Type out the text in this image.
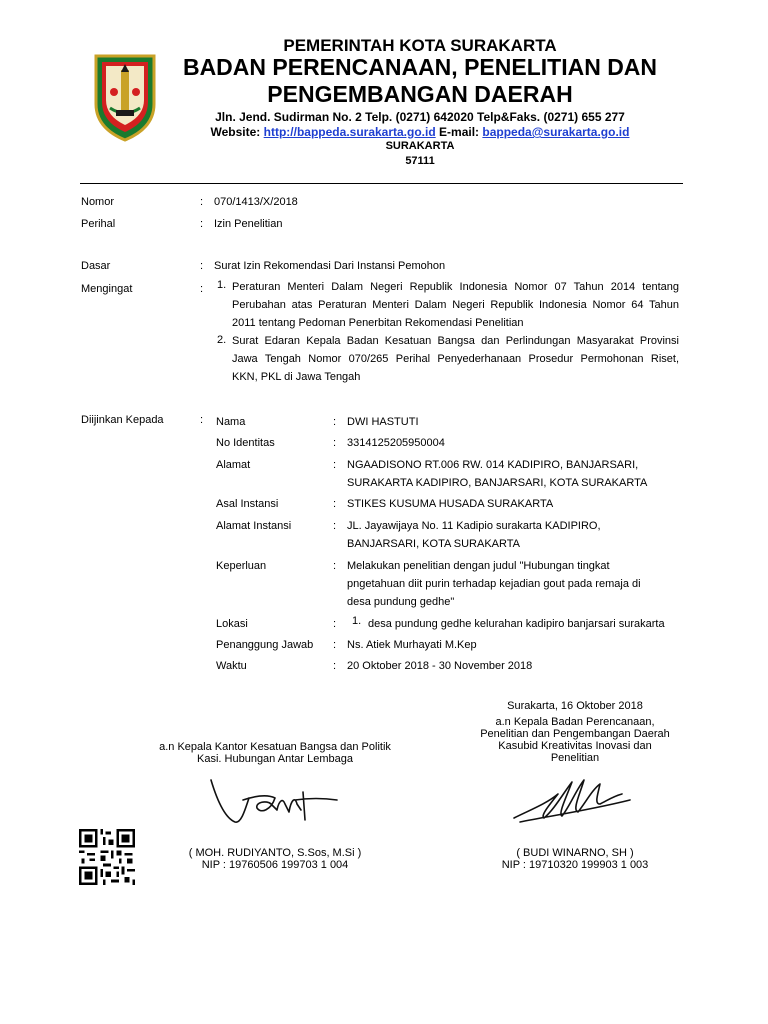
PEMERINTAH KOTA SURAKARTA
BADAN PERENCANAAN, PENELITIAN DAN
PENGEMBANGAN DAERAH
Jln. Jend. Sudirman No. 2 Telp. (0271) 642020 Telp&Faks. (0271) 655 277
Website: http://bappeda.surakarta.go.id E-mail: bappeda@surakarta.go.id
SURAKARTA
57111
Nomor	: 070/1413/X/2018
Perihal	: Izin Penelitian
Dasar	: Surat Izin Rekomendasi Dari Instansi Pemohon
Mengingat	: 1. Peraturan Menteri Dalam Negeri Republik Indonesia Nomor 07 Tahun 2014 tentang
Perubahan atas Peraturan Menteri Dalam Negeri Republik Indonesia Nomor 64 Tahun
2011 tentang Pedoman Penerbitan Rekomendasi Penelitian
2. Surat Edaran Kepala Badan Kesatuan Bangsa dan Perlindungan Masyarakat Provinsi
Jawa Tengah Nomor 070/265 Perihal Penyederhanaan Prosedur Permohonan Riset,
KKN, PKL di Jawa Tengah
Diijinkan Kepada	: Nama	: DWI HASTUTI
No Identitas	: 3314125205950004
Alamat	: NGAADISONO RT.006 RW. 014 KADIPIRO, BANJARSARI,
SURAKARTA KADIPIRO, BANJARSARI, KOTA SURAKARTA
Asal Instansi	: STIKES KUSUMA HUSADA SURAKARTA
Alamat Instansi	: JL. Jayawijaya No. 11 Kadipio surakarta KADIPIRO,
BANJARSARI, KOTA SURAKARTA
Keperluan	: Melakukan penelitian dengan judul "Hubungan tingkat
pngetahuan diit purin terhadap kejadian gout pada remaja di
desa pundung gedhe"
Lokasi	: 1. desa pundung gedhe kelurahan kadipiro banjarsari surakarta
Penanggung Jawab : Ns. Atiek Murhayati M.Kep
Waktu	: 20 Oktober 2018 - 30 November 2018
Surakarta, 16 Oktober 2018
a.n Kepala Badan Perencanaan,
Penelitian dan Pengembangan Daerah
Kasubid Kreativitas Inovasi dan
Penelitian
a.n Kepala Kantor Kesatuan Bangsa dan Politik
Kasi. Hubungan Antar Lembaga
( MOH. RUDIYANTO, S.Sos, M.Si )
NIP : 19760506 199703 1 004
( BUDI WINARNO, SH )
NIP : 19710320 199903 1 003
